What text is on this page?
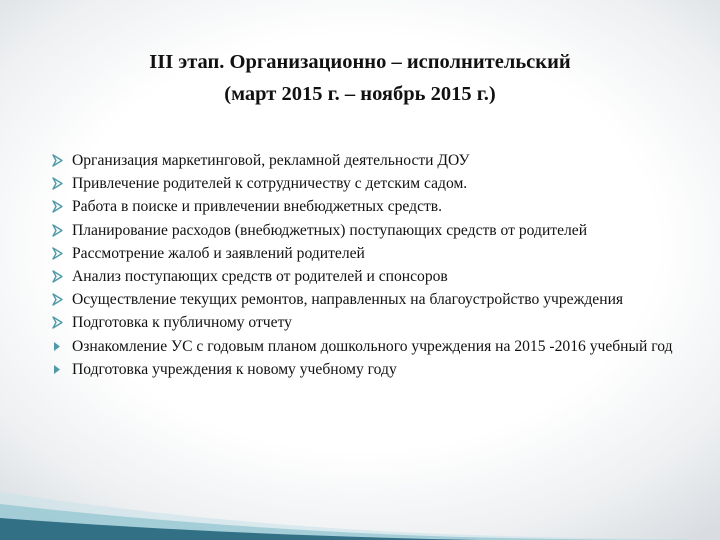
III этап. Организационно – исполнительский
(март 2015 г. – ноябрь 2015 г.)
Организация маркетинговой, рекламной деятельности ДОУ
Привлечение родителей к сотрудничеству с детским садом.
Работа в поиске и привлечении внебюджетных средств.
Планирование расходов (внебюджетных) поступающих средств от родителей
Рассмотрение жалоб и заявлений родителей
Анализ поступающих средств от родителей и спонсоров
Осуществление текущих ремонтов, направленных на благоустройство учреждения
Подготовка к публичному отчету
Ознакомление УС с годовым планом дошкольного учреждения на 2015 -2016 учебный год
Подготовка учреждения к новому учебному году
